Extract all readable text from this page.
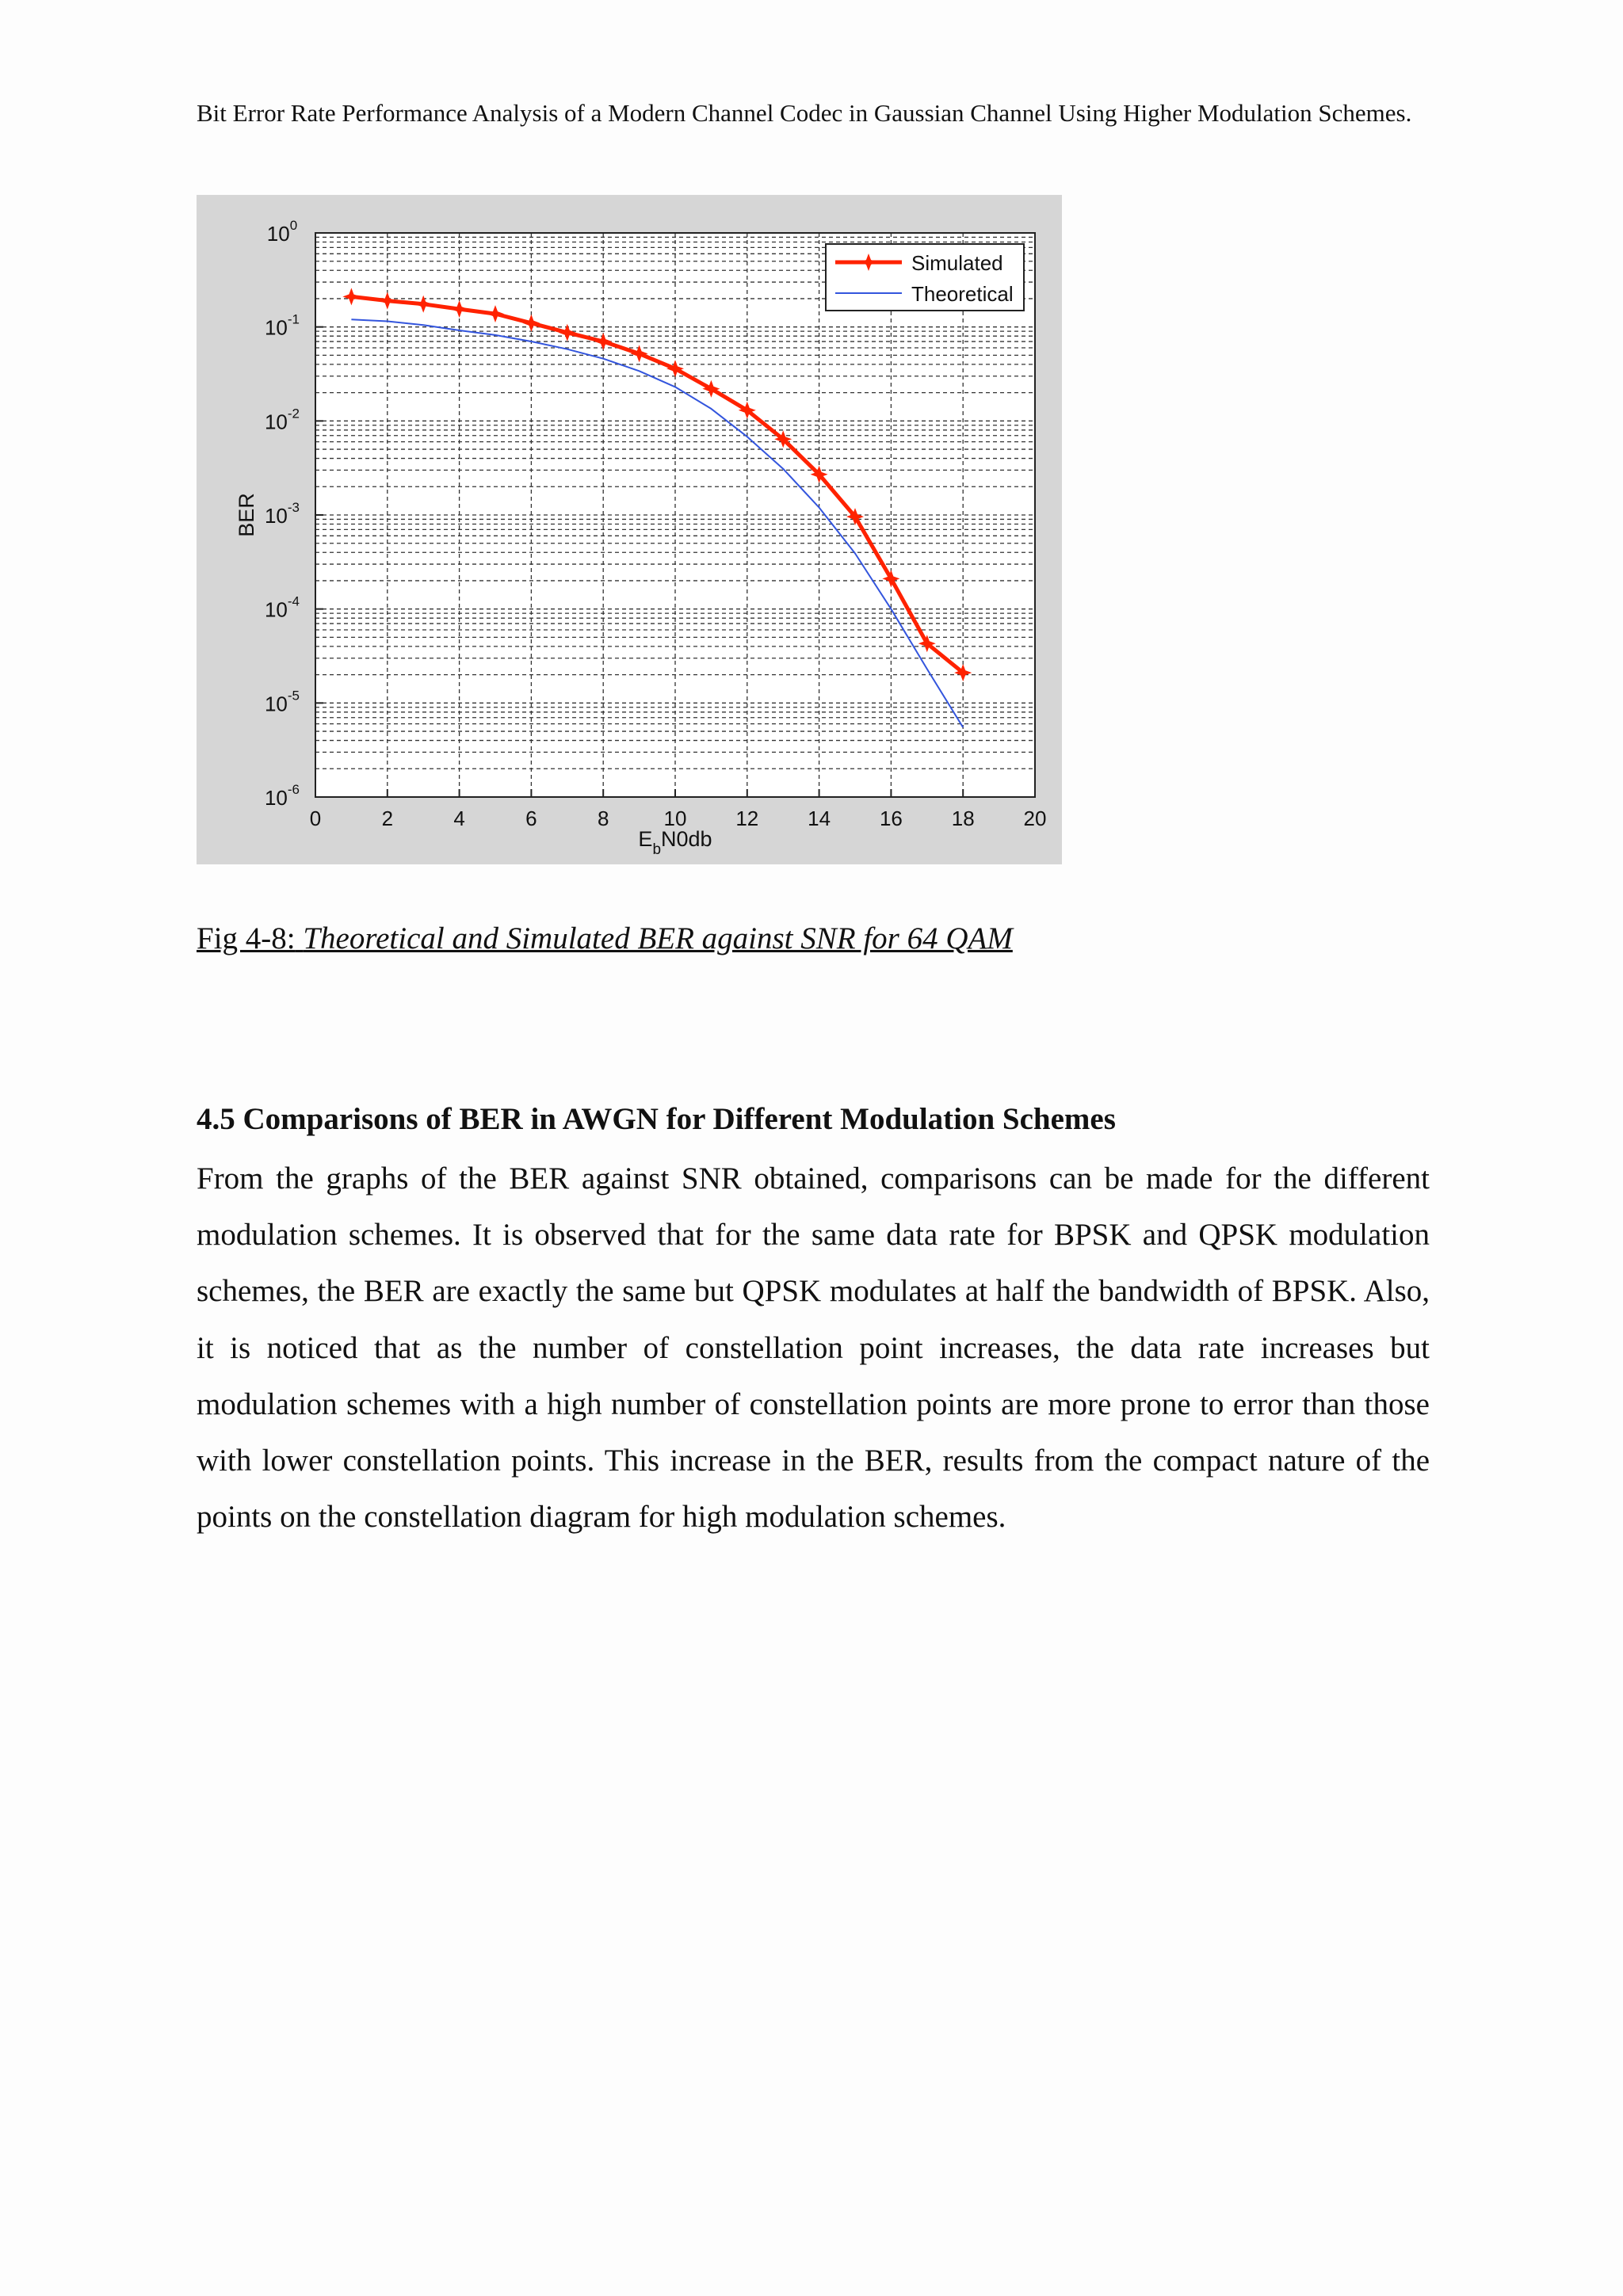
Bit Error Rate Performance Analysis of a Modern Channel Codec in Gaussian Channel Using Higher Modulation Schemes.
0	2	4	6	8	10 12 14 16 18 20
$10^0$
$10^{-1}$
$10^{-2}$
$10^{-3}$
$10^{-4}$
$10^{-5}$
$10^{-6}$
BER
$E_bN0db$
Simulated
Theoretical
Fig 4-8: Theoretical and Simulated BER against SNR for 64 QAM
4.5 Comparisons of BER in AWGN for Different Modulation Schemes

From the graphs of the BER against SNR obtained, comparisons can be made for the different modulation schemes. It is observed that for the same data rate for BPSK and QPSK modulation schemes, the BER are exactly the same but QPSK modulates at half the bandwidth of BPSK. Also, it is noticed that as the number of constellation point increases, the data rate increases but modulation schemes with a high number of constellation points are more prone to error than those with lower constellation points. This increase in the BER, results from the compact nature of the points on the constellation diagram for high modulation schemes.
